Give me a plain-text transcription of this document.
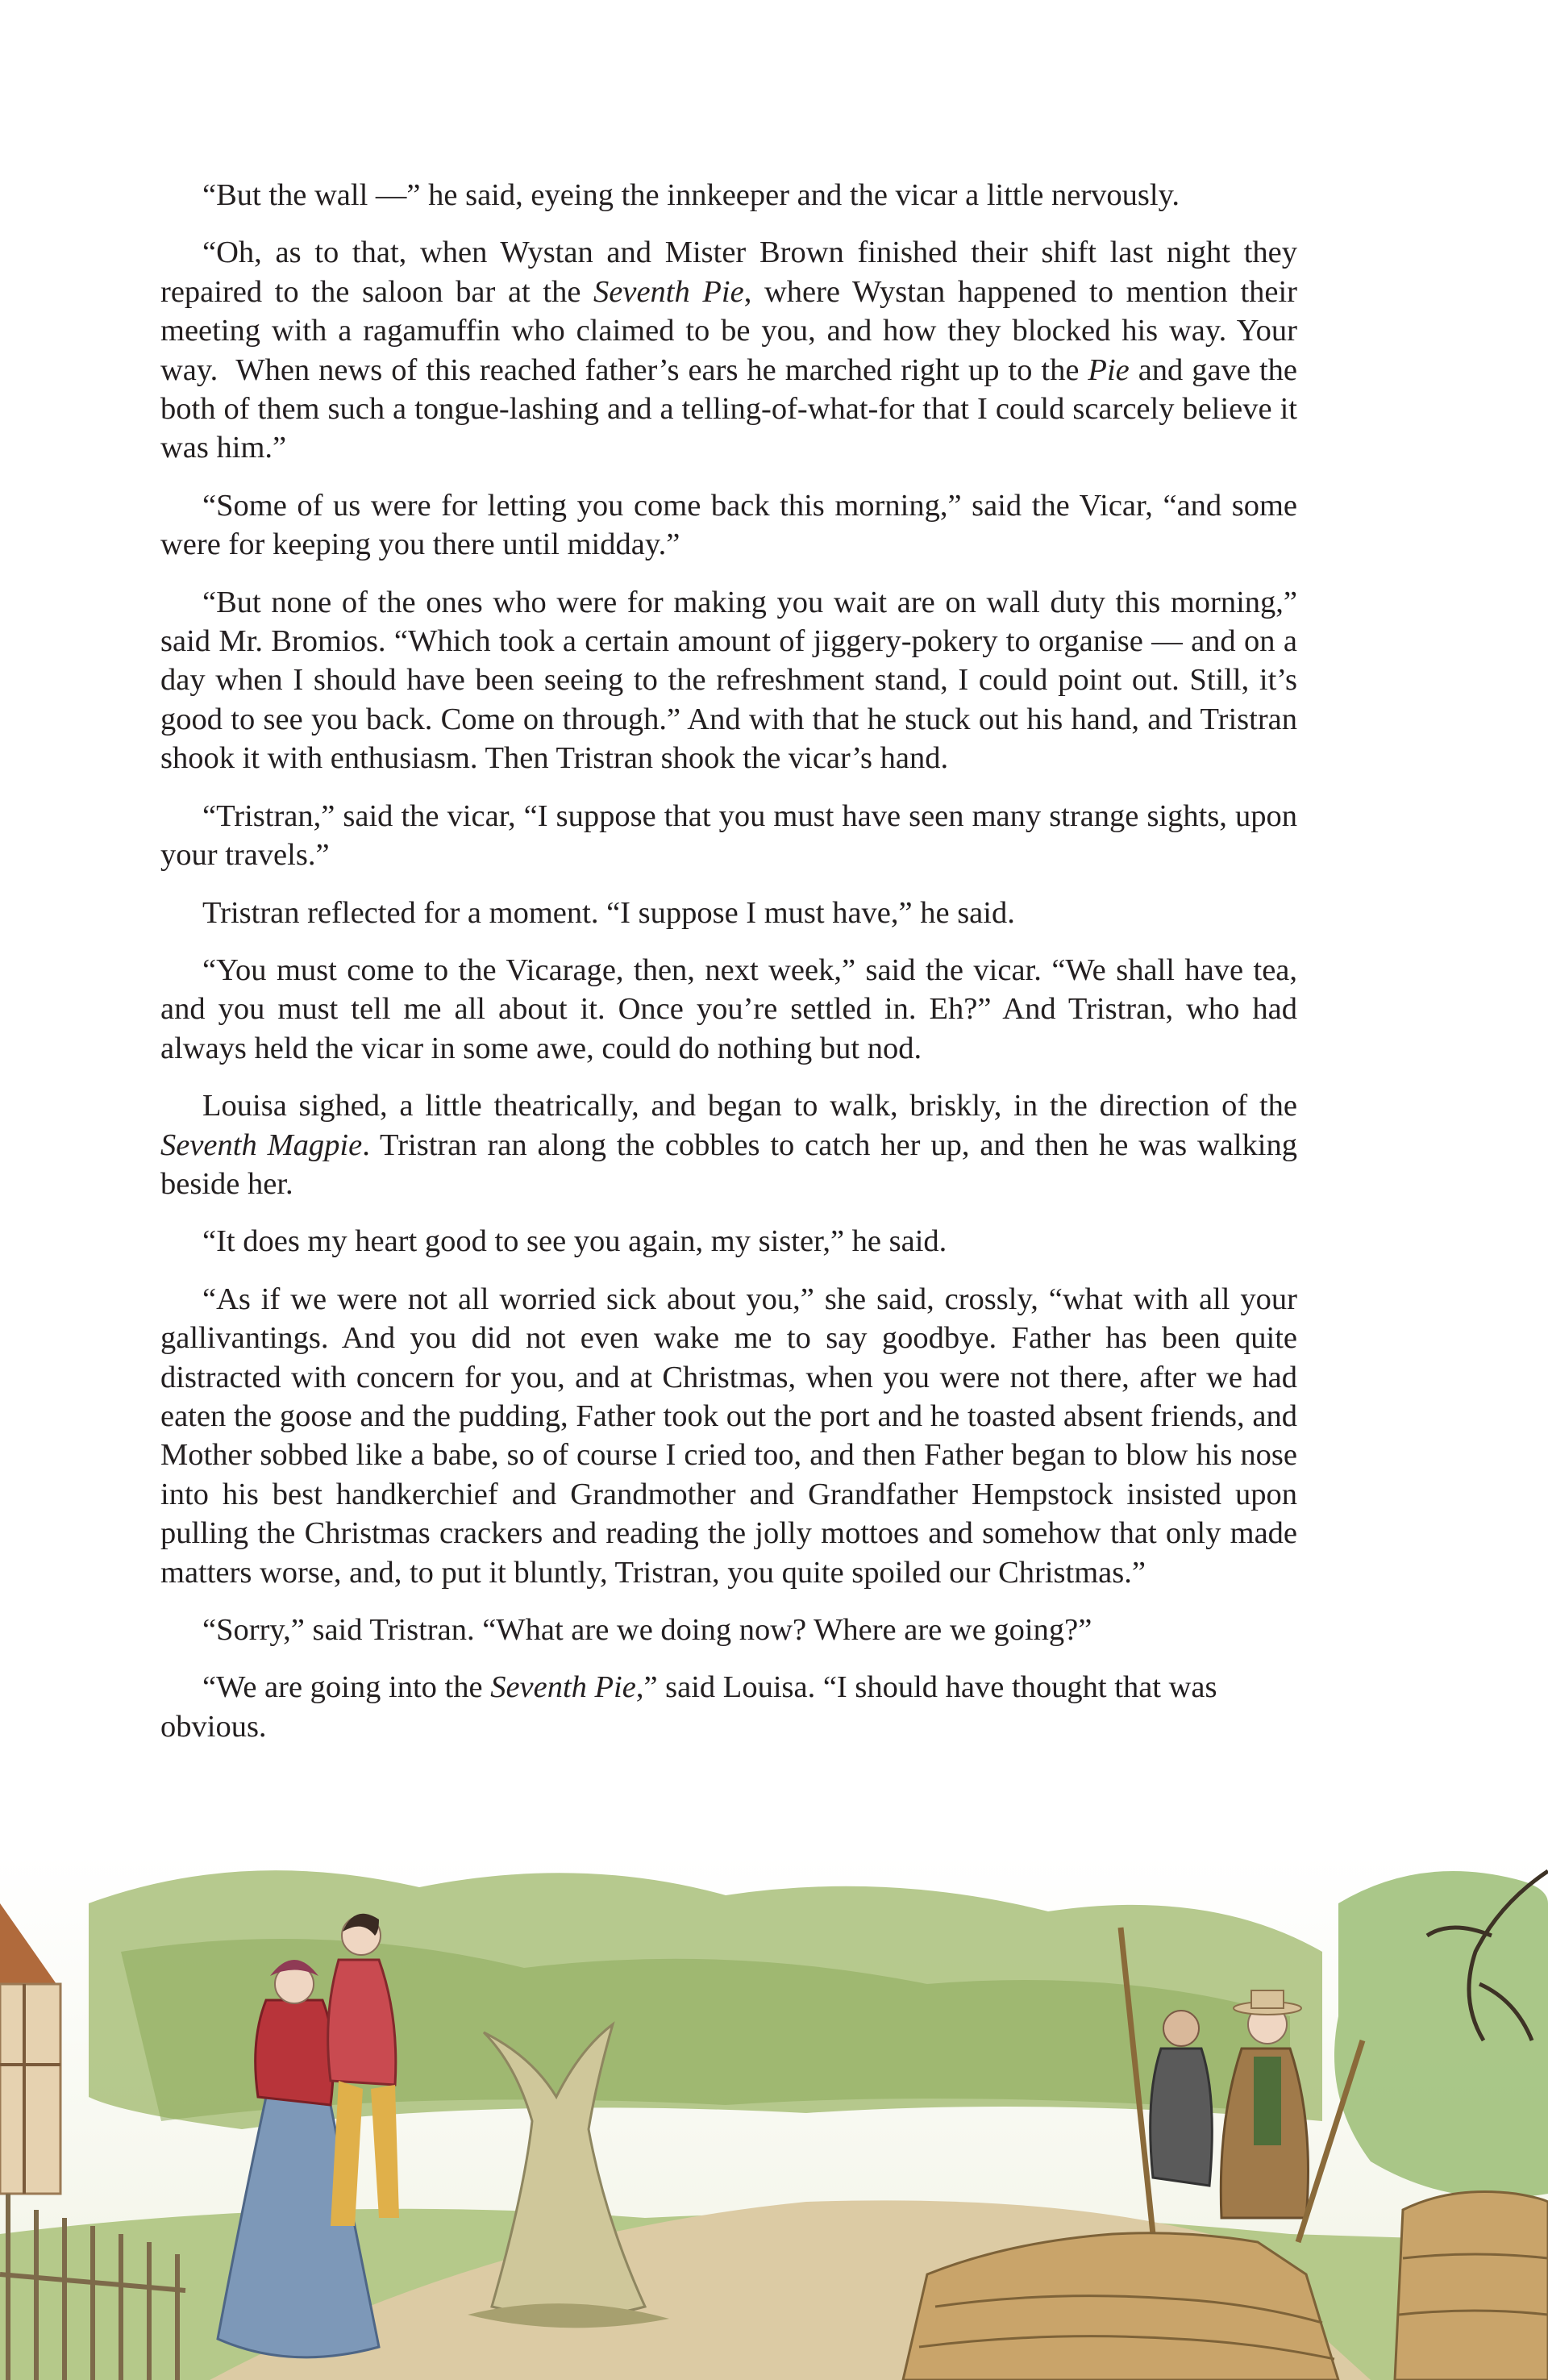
“But the wall —” he said, eyeing the innkeeper and the vicar a little nervously.

“Oh, as to that, when Wystan and Mister Brown finished their shift last night they repaired to the saloon bar at the Seventh Pie, where Wystan happened to mention their meeting with a ragamuffin who claimed to be you, and how they blocked his way. Your way.  When news of this reached father’s ears he marched right up to the Pie and gave the both of them such a tongue-lashing and a telling-of-what-for that I could scarcely believe it was him.”

“Some of us were for letting you come back this morning,” said the Vicar, “and some were for keeping you there until midday.”

“But none of the ones who were for making you wait are on wall duty this morning,” said Mr. Bromios. “Which took a certain amount of jiggery-pokery to organise — and on a day when I should have been seeing to the refreshment stand, I could point out. Still, it’s good to see you back. Come on through.” And with that he stuck out his hand, and Tristran shook it with enthusiasm. Then Tristran shook the vicar’s hand.

“Tristran,” said the vicar, “I suppose that you must have seen many strange sights, upon your travels.”

Tristran reflected for a moment. “I suppose I must have,” he said.

“You must come to the Vicarage, then, next week,” said the vicar. “We shall have tea, and you must tell me all about it. Once you’re settled in. Eh?” And Tristran, who had always held the vicar in some awe, could do nothing but nod.

Louisa sighed, a little theatrically, and began to walk, briskly, in the direction of the Seventh Magpie. Tristran ran along the cobbles to catch her up, and then he was walking beside her.

“It does my heart good to see you again, my sister,” he said.

“As if we were not all worried sick about you,” she said, crossly, “what with all your gallivantings. And you did not even wake me to say goodbye. Father has been quite distracted with concern for you, and at Christmas, when you were not there, after we had eaten the goose and the pudding, Father took out the port and he toasted absent friends, and Mother sobbed like a babe, so of course I cried too, and then Father began to blow his nose into his best handkerchief and Grandmother and Grandfather Hempstock insisted upon pulling the Christmas crackers and reading the jolly mottoes and somehow that only made matters worse, and, to put it bluntly, Tristran, you quite spoiled our Christmas.”

“Sorry,” said Tristran. “What are we doing now? Where are we going?”

“We are going into the Seventh Pie,” said Louisa. “I should have thought that was obvious.
